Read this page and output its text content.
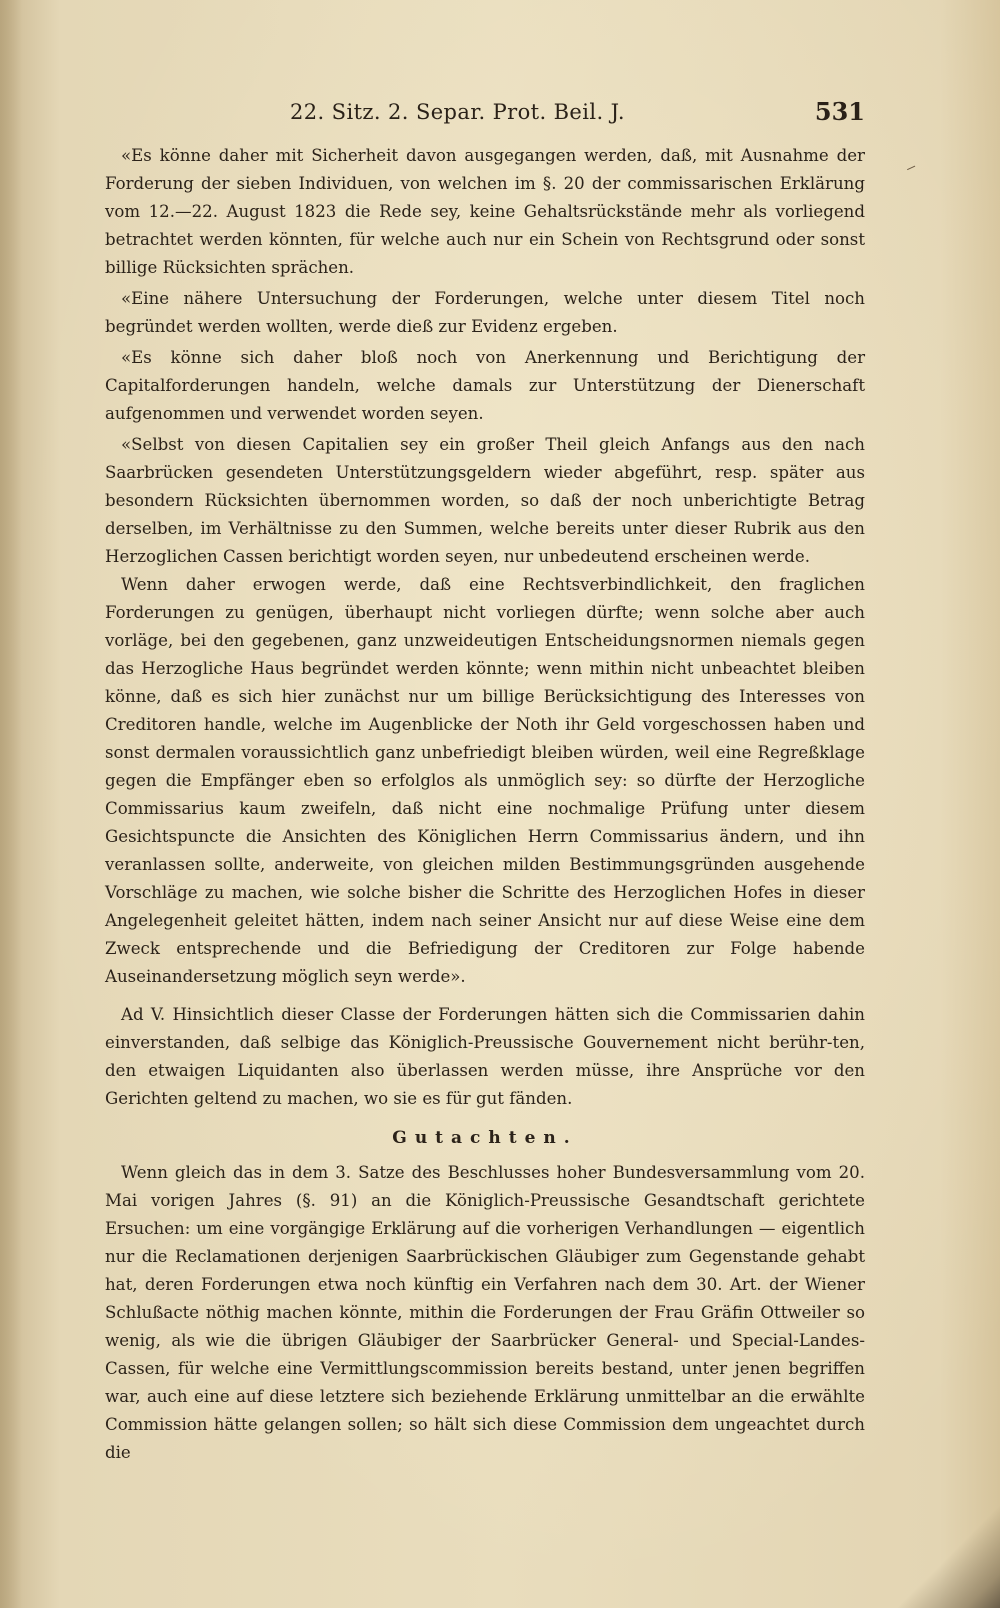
22. Sitz. 2. Separ. Prot. Beil. J.	531
⸝

«Es könne daher mit Sicherheit davon ausgegangen werden, daß, mit Ausnahme der Forderung der sieben Individuen, von welchen im §. 20 der commissarischen Erklärung vom 12.—22. August 1823 die Rede sey, keine Gehaltsrückstände mehr als vorliegend betrachtet werden könnten, für welche auch nur ein Schein von Rechtsgrund oder sonst billige Rücksichten sprächen.

«Eine nähere Untersuchung der Forderungen, welche unter diesem Titel noch begründet werden wollten, werde dieß zur Evidenz ergeben.

«Es könne sich daher bloß noch von Anerkennung und Berichtigung der Capitalforderungen handeln, welche damals zur Unterstützung der Dienerschaft aufgenommen und verwendet worden seyen.

«Selbst von diesen Capitalien sey ein großer Theil gleich Anfangs aus den nach Saarbrücken gesendeten Unterstützungsgeldern wieder abgeführt, resp. später aus besondern Rücksichten übernommen worden, so daß der noch unberichtigte Betrag derselben, im Verhältnisse zu den Summen, welche bereits unter dieser Rubrik aus den Herzoglichen Cassen berichtigt worden seyen, nur unbedeutend erscheinen werde.

Wenn daher erwogen werde, daß eine Rechtsverbindlichkeit, den fraglichen Forderungen zu genügen, überhaupt nicht vorliegen dürfte; wenn solche aber auch vorläge, bei den gegebenen, ganz unzweideutigen Entscheidungsnormen niemals gegen das Herzogliche Haus begründet werden könnte; wenn mithin nicht unbeachtet bleiben könne, daß es sich hier zunächst nur um billige Berücksichtigung des Interesses von Creditoren handle, welche im Augenblicke der Noth ihr Geld vorgeschossen haben und sonst dermalen voraussichtlich ganz unbefriedigt bleiben würden, weil eine Regreßklage gegen die Empfänger eben so erfolglos als unmöglich sey: so dürfte der Herzogliche Commissarius kaum zweifeln, daß nicht eine nochmalige Prüfung unter diesem Gesichtspuncte die Ansichten des Königlichen Herrn Commissarius ändern, und ihn veranlassen sollte, anderweite, von gleichen milden Bestimmungsgründen ausgehende Vorschläge zu machen, wie solche bisher die Schritte des Herzoglichen Hofes in dieser Angelegenheit geleitet hätten, indem nach seiner Ansicht nur auf diese Weise eine dem Zweck entsprechende und die Befriedigung der Creditoren zur Folge habende Auseinandersetzung möglich seyn werde».

Ad V. Hinsichtlich dieser Classe der Forderungen hätten sich die Commissarien dahin einverstanden, daß selbige das Königlich-Preussische Gouvernement nicht berühr-ten, den etwaigen Liquidanten also überlassen werden müsse, ihre Ansprüche vor den Gerichten geltend zu machen, wo sie es für gut fänden.

Gutachten.

Wenn gleich das in dem 3. Satze des Beschlusses hoher Bundesversammlung vom 20. Mai vorigen Jahres (§. 91) an die Königlich-Preussische Gesandtschaft gerichtete Ersuchen: um eine vorgängige Erklärung auf die vorherigen Verhandlungen — eigentlich nur die Reclamationen derjenigen Saarbrückischen Gläubiger zum Gegenstande gehabt hat, deren Forderungen etwa noch künftig ein Verfahren nach dem 30. Art. der Wiener Schlußacte nöthig machen könnte, mithin die Forderungen der Frau Gräfin Ottweiler so wenig, als wie die übrigen Gläubiger der Saarbrücker General- und Special-Landes-Cassen, für welche eine Vermittlungscommission bereits bestand, unter jenen begriffen war, auch eine auf diese letztere sich beziehende Erklärung unmittelbar an die erwählte Commission hätte gelangen sollen; so hält sich diese Commission dem ungeachtet durch die
